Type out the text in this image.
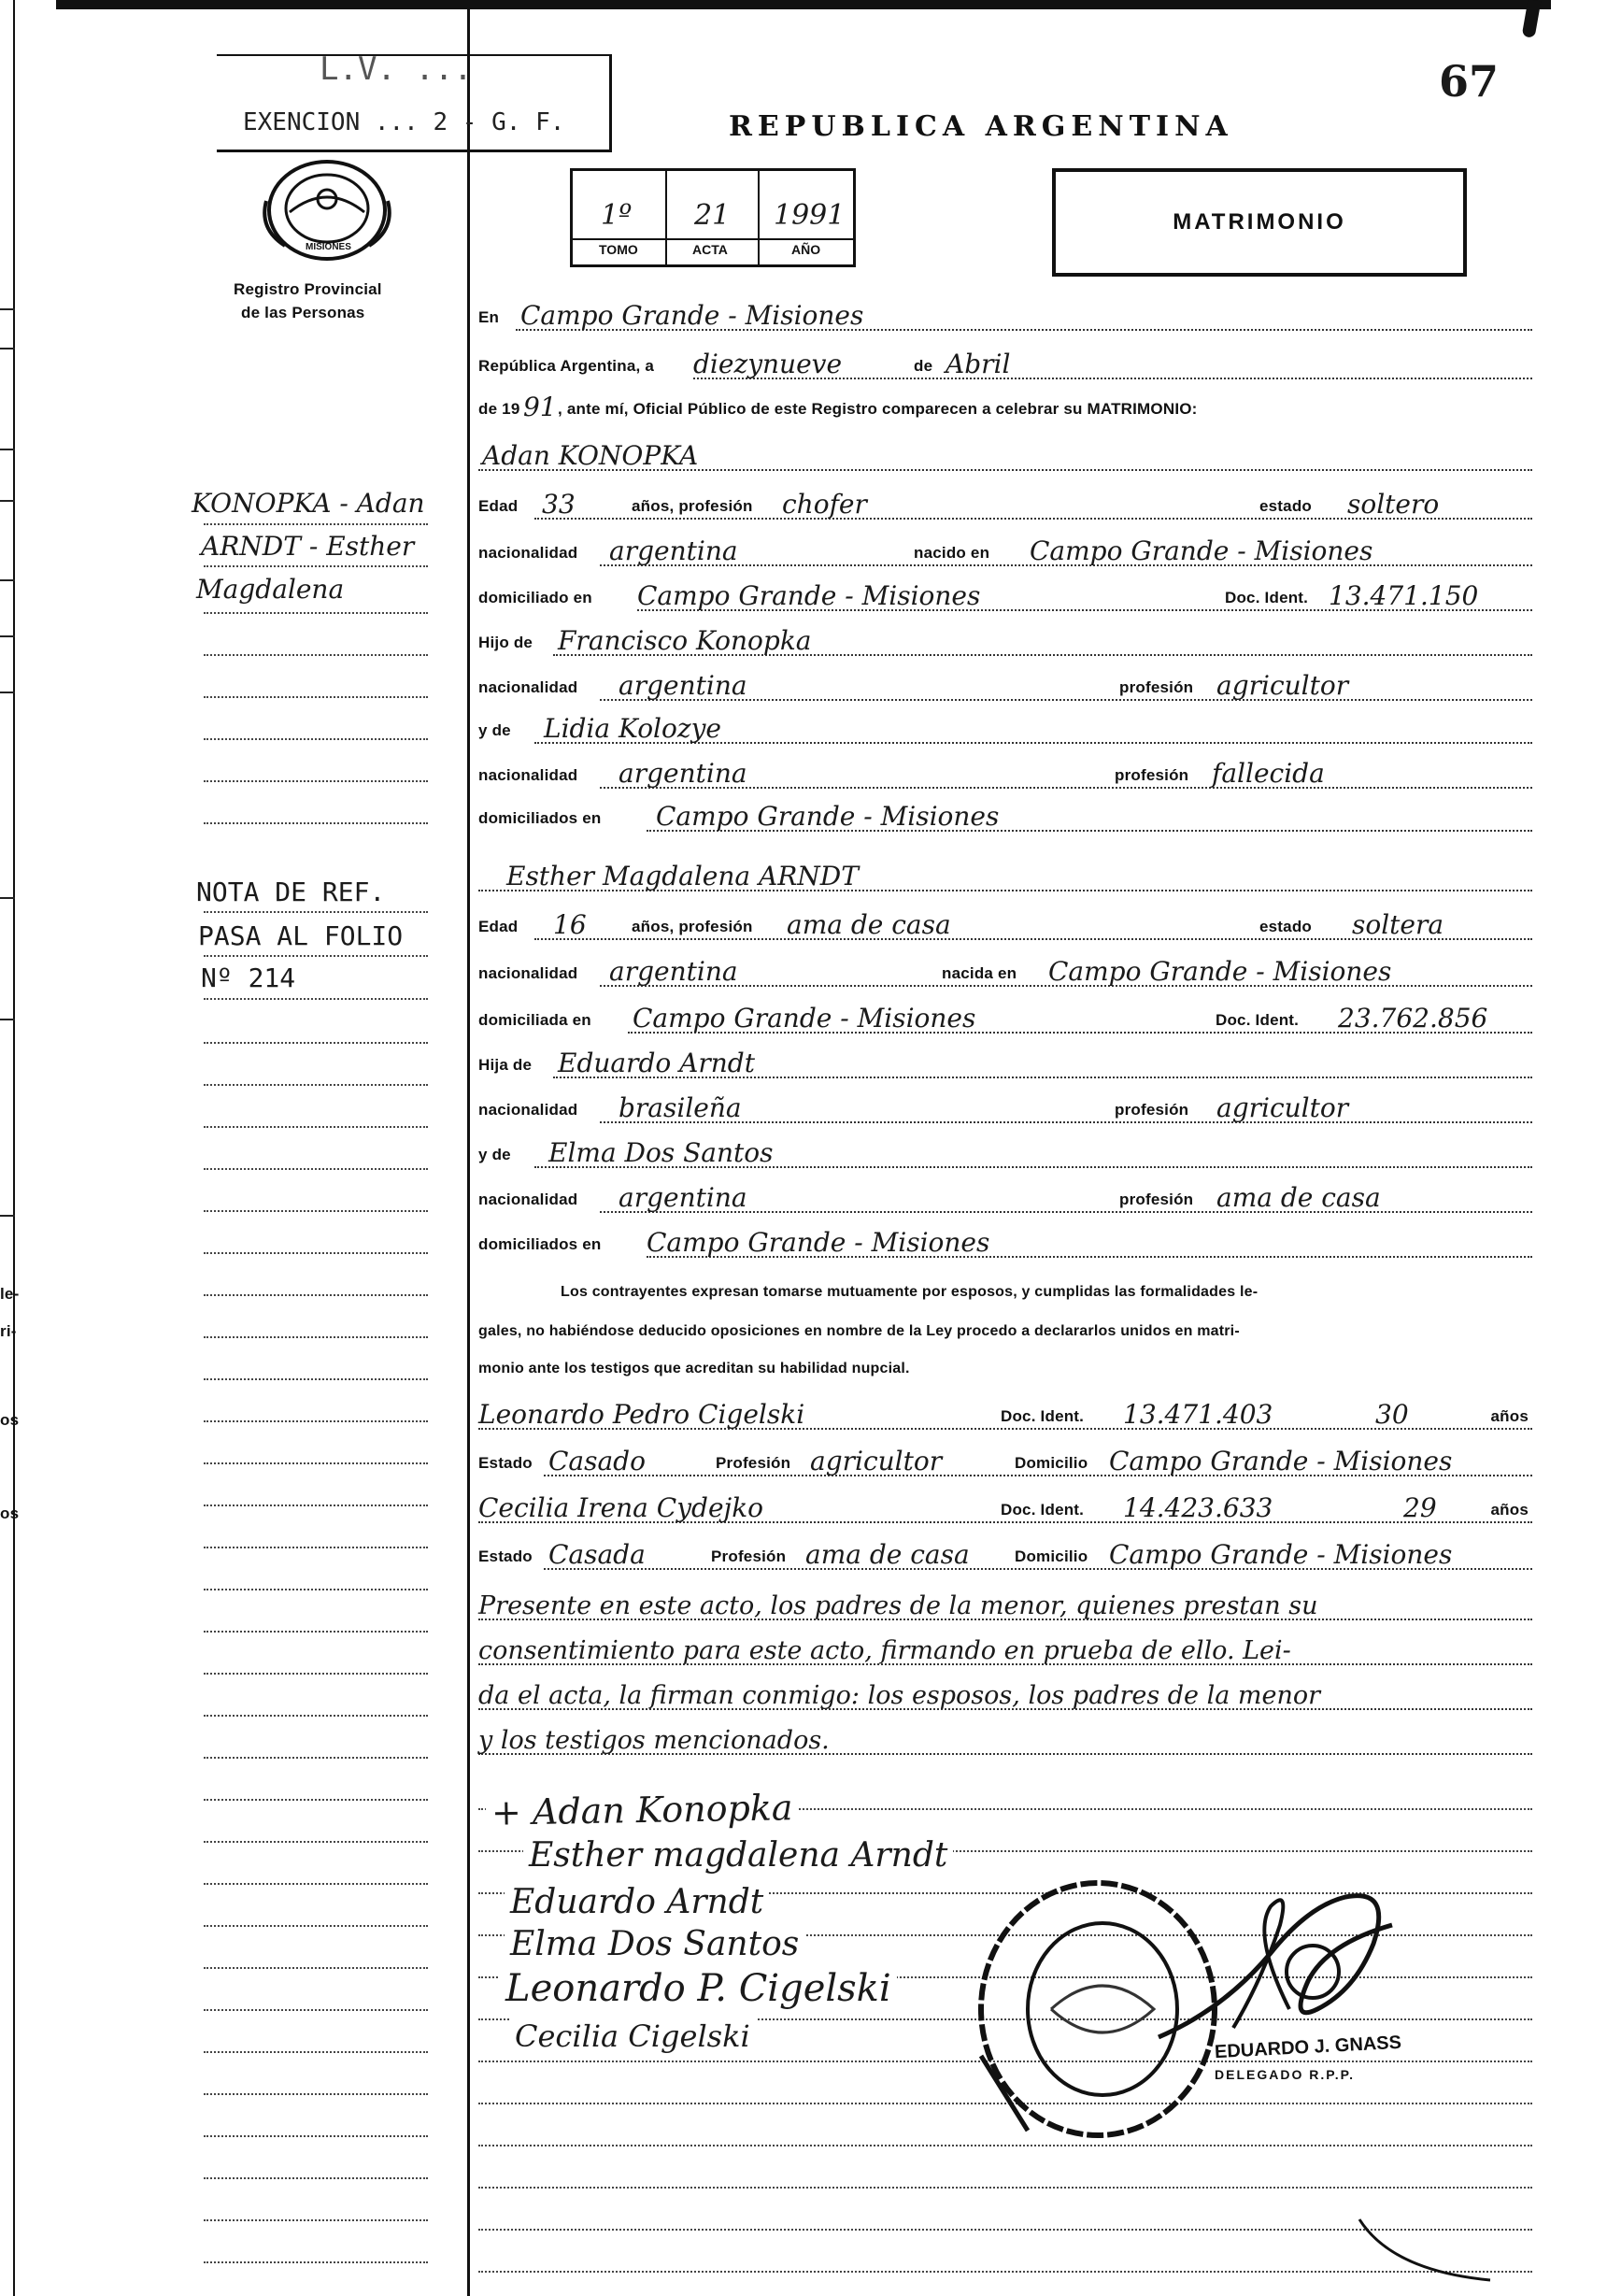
67
le-
ri-
os
os
L.V. ...
EXENCION ... 2 - G. F.
MISIONES
Registro Provincial
de las Personas
REPUBLICA ARGENTINA
1º 21 1991
TOMO	ACTA	AÑO
MATRIMONIO
KONOPKA - Adan
ARNDT - Esther
Magdalena
NOTA DE REF.
PASA AL FOLIO
Nº 214
En Campo Grande - Misiones
República Argentina, a diezynueve	de Abril
de 19 91 , ante mí, Oficial Público de este Registro comparecen a celebrar su MATRIMONIO:
Adan KONOPKA
Edad 33	años, profesión chofer	estado soltero
nacionalidad argentina	nacido en Campo Grande - Misiones
domiciliado en Campo Grande - Misiones	Doc. Ident. 13.471.150
Hijo de Francisco Konopka
nacionalidad argentina	profesión agricultor
y de Lidia Kolozye
nacionalidad argentina	profesión fallecida
domiciliados en Campo Grande - Misiones
Esther Magdalena ARNDT
Edad 16	años, profesión ama de casa	estado soltera
nacionalidad argentina	nacida en Campo Grande - Misiones
domiciliada en Campo Grande - Misiones	Doc. Ident. 23.762.856
Hija de Eduardo Arndt
nacionalidad brasileña	profesión agricultor
y de Elma Dos Santos
nacionalidad argentina	profesión ama de casa
domiciliados en Campo Grande - Misiones
Los contrayentes expresan tomarse mutuamente por esposos, y cumplidas las formalidades le-
gales, no habiéndose deducido oposiciones en nombre de la Ley procedo a declararlos unidos en matri-
monio ante los testigos que acreditan su habilidad nupcial.
Leonardo Pedro Cigelski	Doc. Ident. 13.471.403	30	años
Estado Casado	Profesión agricultor	Domicilio Campo Grande - Misiones
Cecilia Irena Cydejko	Doc. Ident. 14.423.633	29	años
Estado Casada	Profesión ama de casa	Domicilio Campo Grande - Misiones
Presente en este acto, los padres de la menor, quienes prestan su
consentimiento para este acto, firmando en prueba de ello. Lei-
da el acta, la firman conmigo: los esposos, los padres de la menor
y los testigos mencionados.
+ Adan Konopka
Esther magdalena Arndt
Eduardo Arndt
Elma Dos Santos
Leonardo P. Cigelski
Cecilia Cigelski	EDUARDO J. GNASS
DELEGADO R.P.P.
